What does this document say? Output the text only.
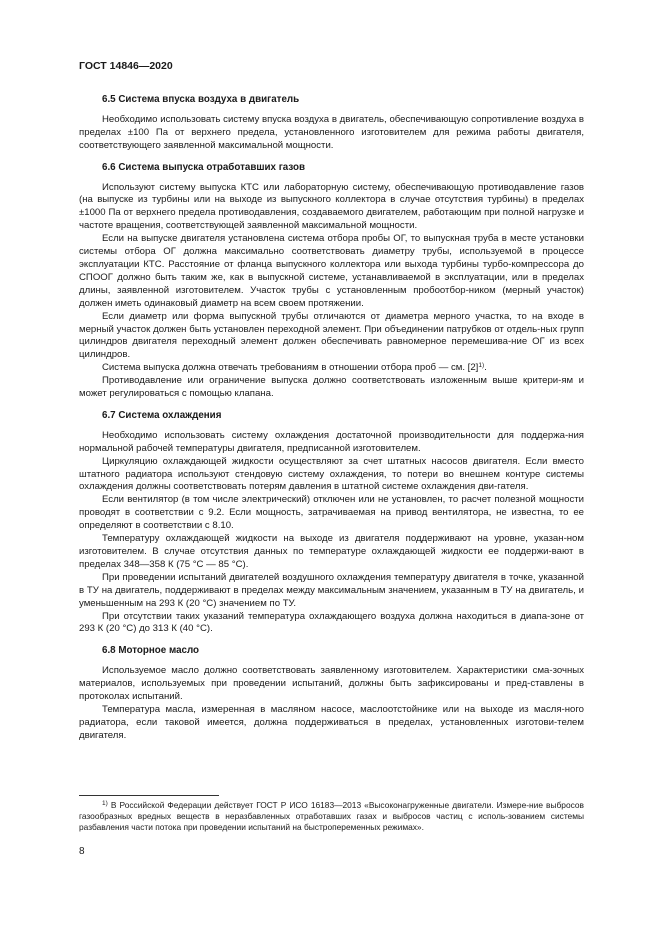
ГОСТ 14846—2020
6.5 Система впуска воздуха в двигатель

Необходимо использовать систему впуска воздуха в двигатель, обеспечивающую сопротивление воздуха в пределах ±100 Па от верхнего предела, установленного изготовителем для режима работы двигателя, соответствующего заявленной максимальной мощности.

6.6 Система выпуска отработавших газов

Используют систему выпуска КТС или лабораторную систему, обеспечивающую противодавление газов (на выпуске из турбины или на выходе из выпускного коллектора в случае отсутствия турбины) в пределах ±1000 Па от верхнего предела противодавления, создаваемого двигателем, работающим при полной нагрузке и частоте вращения, соответствующей заявленной максимальной мощности.

Если на выпуске двигателя установлена система отбора пробы ОГ, то выпускная труба в месте установки системы отбора ОГ должна максимально соответствовать диаметру трубы, используемой в процессе эксплуатации КТС. Расстояние от фланца выпускного коллектора или выхода турбины турбо-компрессора до СПООГ должно быть таким же, как в выпускной системе, устанавливаемой в эксплуатации, или в пределах длины, заявленной изготовителем. Участок трубы с установленным пробоотбор-ником (мерный участок) должен иметь одинаковый диаметр на всем своем протяжении.

Если диаметр или форма выпускной трубы отличаются от диаметра мерного участка, то на входе в мерный участок должен быть установлен переходной элемент. При объединении патрубков от отдель-ных групп цилиндров двигателя переходный элемент должен обеспечивать равномерное перемешива-ние ОГ из всех цилиндров.

Система выпуска должна отвечать требованиям в отношении отбора проб — см. $[2]^{1)}$.

Противодавление или ограничение выпуска должно соответствовать изложенным выше критери-ям и может регулироваться с помощью клапана.

6.7 Система охлаждения

Необходимо использовать систему охлаждения достаточной производительности для поддержа-ния нормальной рабочей температуры двигателя, предписанной изготовителем.

Циркуляцию охлаждающей жидкости осуществляют за счет штатных насосов двигателя. Если вместо штатного радиатора используют стендовую систему охлаждения, то потери во внешнем контуре системы охлаждения должны соответствовать потерям давления в штатной системе охлаждения дви-гателя.

Если вентилятор (в том числе электрический) отключен или не установлен, то расчет полезной мощности проводят в соответствии с 9.2. Если мощность, затрачиваемая на привод вентилятора, не известна, то ее определяют в соответствии с 8.10.

Температуру охлаждающей жидкости на выходе из двигателя поддерживают на уровне, указан-ном изготовителем. В случае отсутствия данных по температуре охлаждающей жидкости ее поддержи-вают в пределах 348—358 К (75 °С — 85 °С).

При проведении испытаний двигателей воздушного охлаждения температуру двигателя в точке, указанной в ТУ на двигатель, поддерживают в пределах между максимальным значением, указанным в ТУ на двигатель, и уменьшенным на 293 К (20 °С) значением по ТУ.

При отсутствии таких указаний температура охлаждающего воздуха должна находиться в диапа-зоне от 293 К (20 °С) до 313 К (40 °С).

6.8 Моторное масло

Используемое масло должно соответствовать заявленному изготовителем. Характеристики сма-зочных материалов, используемых при проведении испытаний, должны быть зафиксированы и пред-ставлены в протоколах испытаний.

Температура масла, измеренная в масляном насосе, маслоотстойнике или на выходе из масля-ного радиатора, если таковой имеется, должна поддерживаться в пределах, установленных изготови-телем двигателя.

$^{1)}$ В Российской Федерации действует ГОСТ Р ИСО 16183—2013 «Высоконагруженные двигатели. Измере-ние выбросов газообразных вредных веществ в неразбавленных отработавших газах и выбросов частиц с исполь-зованием системы разбавления части потока при проведении испытаний на быстропеременных режимах».

8
